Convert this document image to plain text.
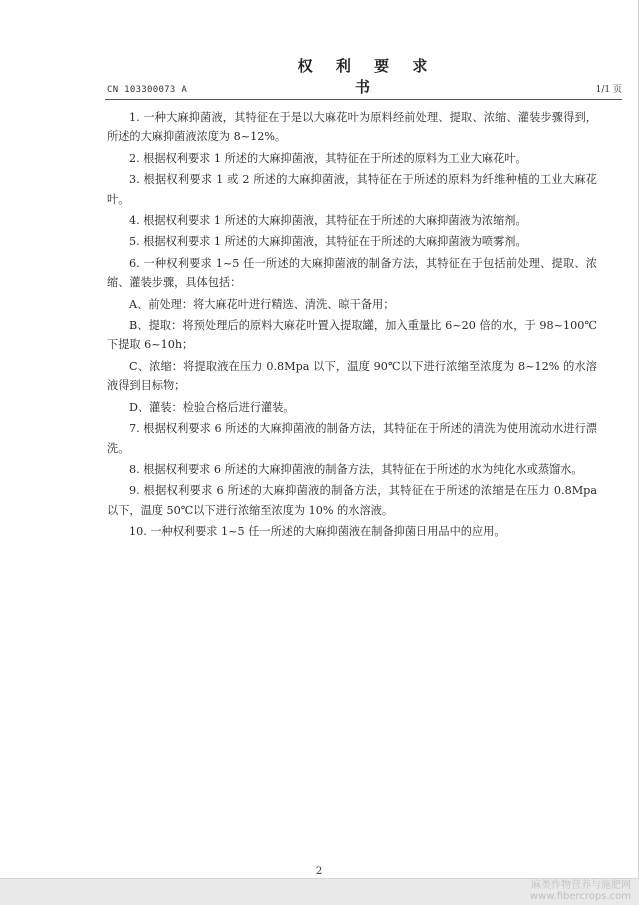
CN 103300073 A
权 利 要 求 书	1/1 页

1. 一种大麻抑菌液，其特征在于是以大麻花叶为原料经前处理、提取、浓缩、灌装步骤得到，所述的大麻抑菌液浓度为 8~12%。

2. 根据权利要求 1 所述的大麻抑菌液，其特征在于所述的原料为工业大麻花叶。

3. 根据权利要求 1 或 2 所述的大麻抑菌液，其特征在于所述的原料为纤维种植的工业大麻花叶。

4. 根据权利要求 1 所述的大麻抑菌液，其特征在于所述的大麻抑菌液为浓缩剂。

5. 根据权利要求 1 所述的大麻抑菌液，其特征在于所述的大麻抑菌液为喷雾剂。

6. 一种权利要求 1~5 任一所述的大麻抑菌液的制备方法，其特征在于包括前处理、提取、浓缩、灌装步骤，具体包括：

A、前处理：将大麻花叶进行精选、清洗、晾干备用；

B、提取：将预处理后的原料大麻花叶置入提取罐，加入重量比 6~20 倍的水，于 98~100℃下提取 6~10h；

C、浓缩：将提取液在压力 0.8Mpa 以下，温度 90℃以下进行浓缩至浓度为 8~12% 的水溶液得到目标物；

D、灌装：检验合格后进行灌装。

7. 根据权利要求 6 所述的大麻抑菌液的制备方法，其特征在于所述的清洗为使用流动水进行漂洗。

8. 根据权利要求 6 所述的大麻抑菌液的制备方法，其特征在于所述的水为纯化水或蒸馏水。

9. 根据权利要求 6 所述的大麻抑菌液的制备方法，其特征在于所述的浓缩是在压力 0.8Mpa 以下，温度 50℃以下进行浓缩至浓度为 10% 的水溶液。

10. 一种权利要求 1~5 任一所述的大麻抑菌液在制备抑菌日用品中的应用。

2
麻类作物营养与施肥网
www.fibercrops.com
